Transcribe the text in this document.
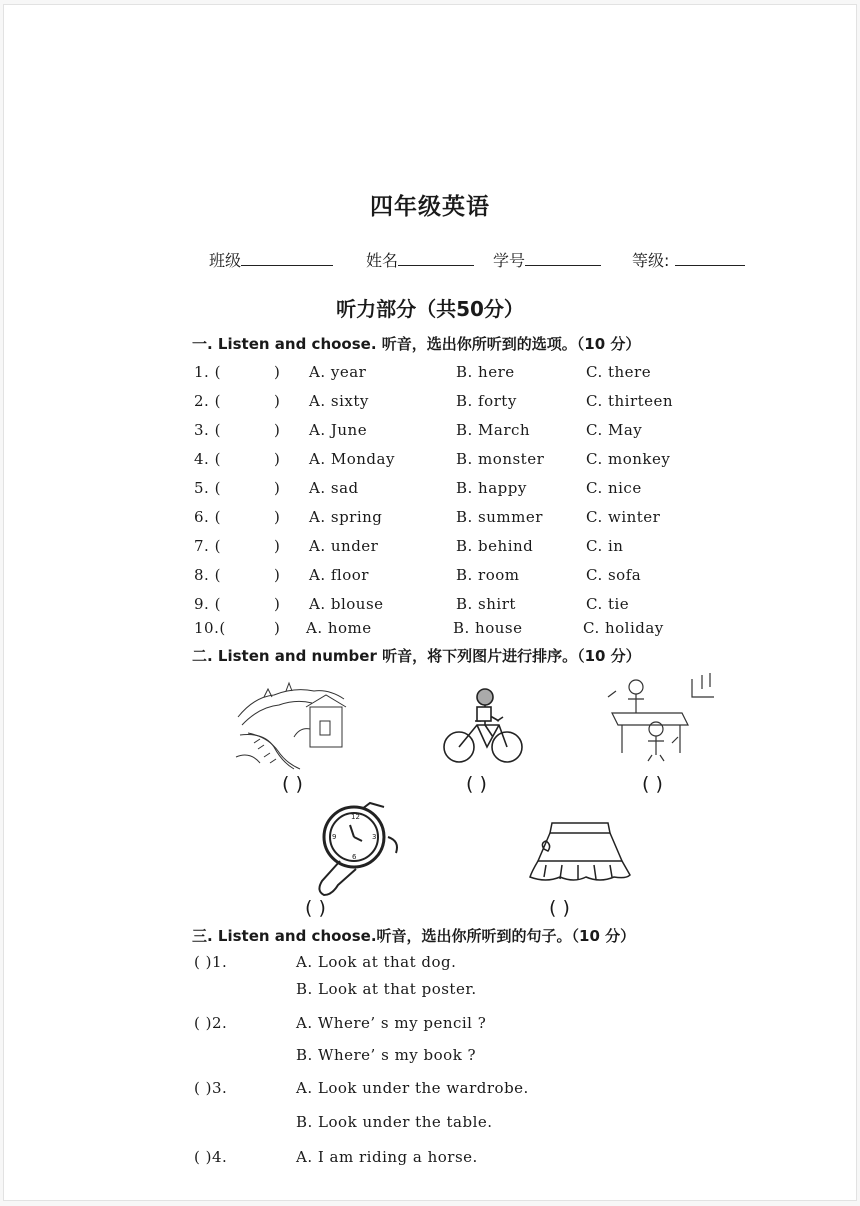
四年级英语
班级	姓名	学号	等级:
听力部分（共50分）
一. Listen and choose. 听音，选出你所听到的选项。（10 分）
1. (	) A. year	B. here	C. there
2. (	) A. sixty	B. forty	C. thirteen
3. (	) A. June	B. March	C. May
4. (	) A. Monday	B. monster	C. monkey
5. (	) A. sad	B. happy	C. nice
6. (	) A. spring	B. summer	C. winter
7. (	) A. under	B. behind	C. in
8. (	) A. floor	B. room	C. sofa
9. (	) A. blouse	B. shirt	C. tie
10.(	) A. home	B. house	C. holiday
二. Listen and number 听音，将下列图片进行排序。（10 分）
( )	( )	( )
12
3
6
9
( )	( )
三. Listen and choose.听音，选出你所听到的句子。（10 分）
( )1.	A. Look at that dog.
B. Look at that poster.
( )2.	A. Where’ s my pencil ?
B. Where’ s my book ?
( )3.	A. Look under the wardrobe.
B. Look under the table.
( )4.	A. I am riding a horse.
